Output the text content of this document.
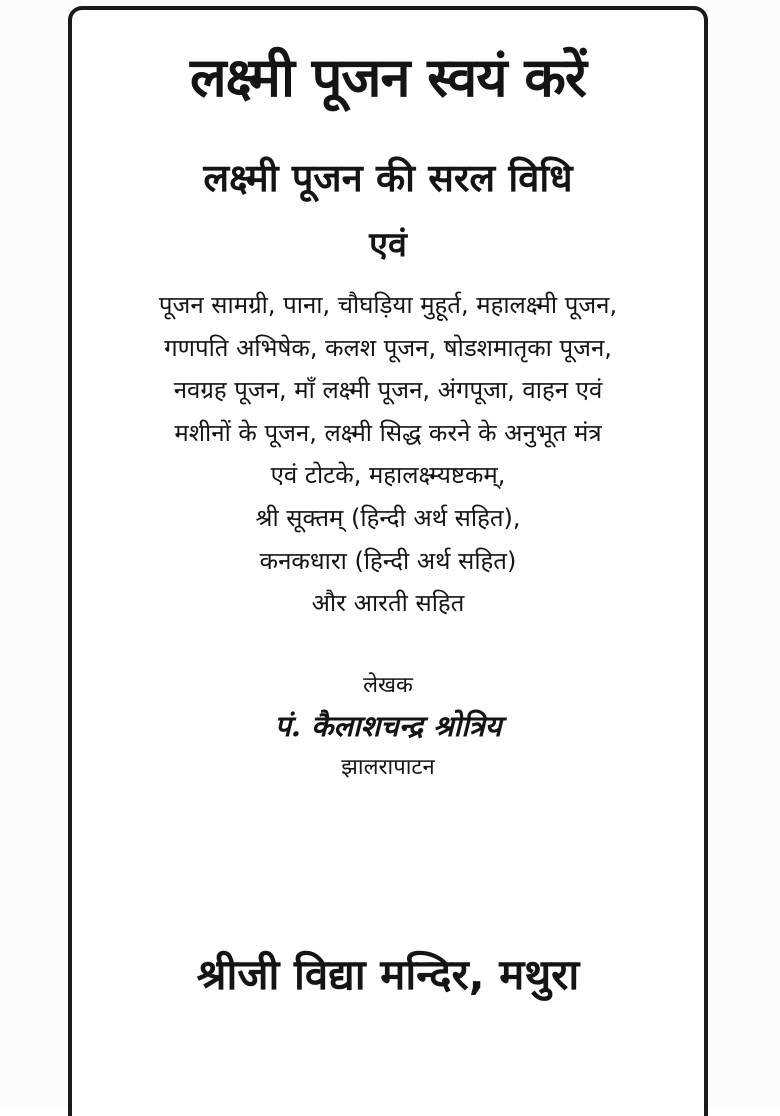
लक्ष्मी पूजन स्वयं करें
लक्ष्मी पूजन की सरल विधि
एवं
पूजन सामग्री, पाना, चौघड़िया मुहूर्त, महालक्ष्मी पूजन,
गणपति अभिषेक, कलश पूजन, षोडशमातृका पूजन,
नवग्रह पूजन, माँ लक्ष्मी पूजन, अंगपूजा, वाहन एवं
मशीनों के पूजन, लक्ष्मी सिद्ध करने के अनुभूत मंत्र
एवं टोटके, महालक्ष्म्यष्टकम्,
श्री सूक्तम् (हिन्दी अर्थ सहित),
कनकधारा (हिन्दी अर्थ सहित)
और आरती सहित
लेखक
पं. कैलाशचन्द्र श्रोत्रिय
झालरापाटन
श्रीजी विद्या मन्दिर, मथुरा
